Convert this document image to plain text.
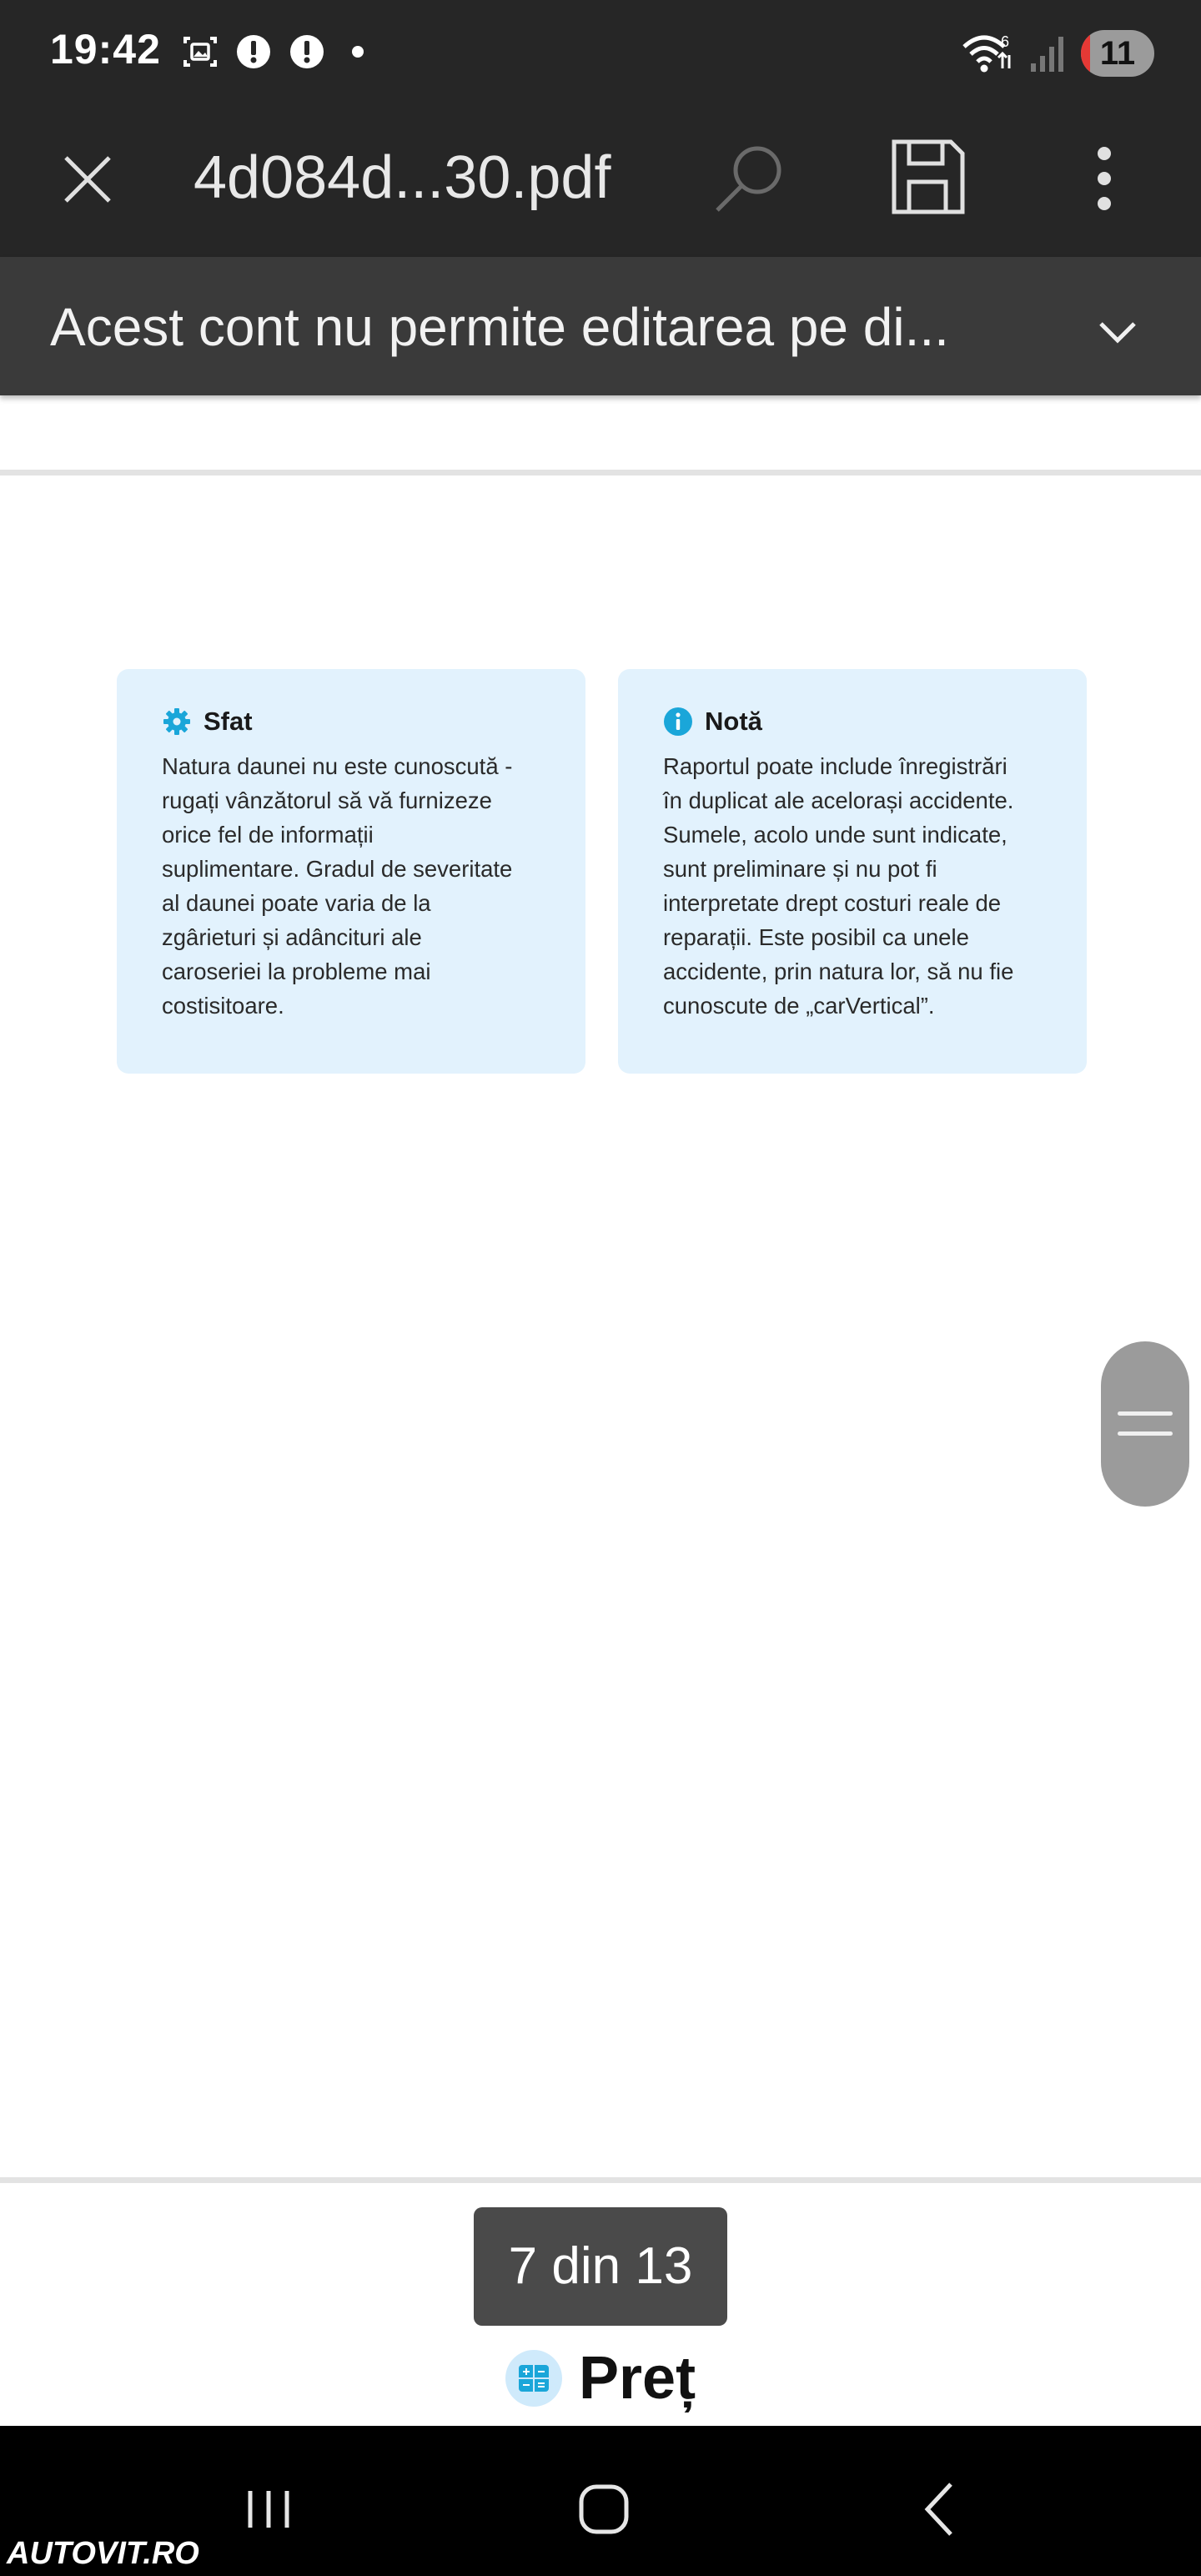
19:42	6	11
4d084d...30.pdf
Acest cont nu permite editarea pe di...
Sfat
Natura daunei nu este cunoscută -
rugați vânzătorul să vă furnizeze
orice fel de informații
suplimentare. Gradul de severitate
al daunei poate varia de la
zgârieturi și adâncituri ale
caroseriei la probleme mai
costisitoare.
Notă
Raportul poate include înregistrări
în duplicat ale acelorași accidente.
Sumele, acolo unde sunt indicate,
sunt preliminare și nu pot fi
interpretate drept costuri reale de
reparații. Este posibil ca unele
accidente, prin natura lor, să nu fie
cunoscute de „carVertical”.
7 din 13
Preț
AUTOVIT.RO
